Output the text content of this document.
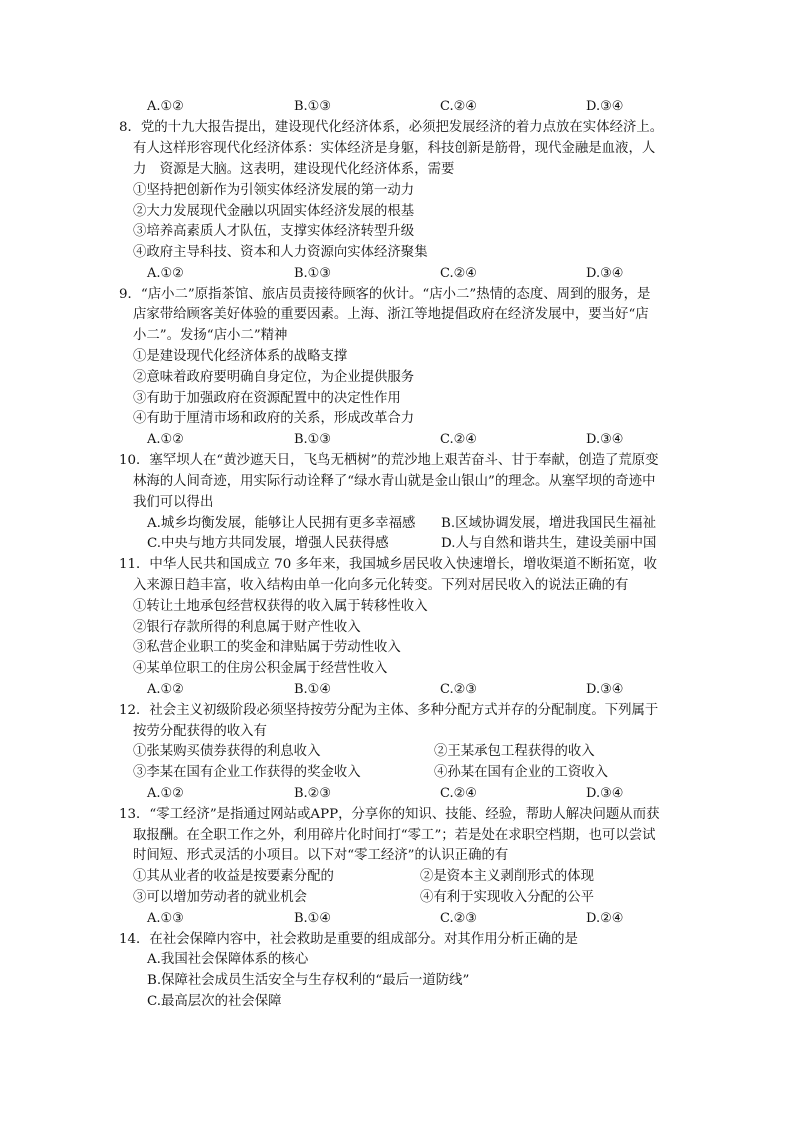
A.①②	B.①③	C.②④	D.③④
8．党的十九大报告提出，建设现代化经济体系，必须把发展经济的着力点放在实体经济上。
有人这样形容现代化经济体系：实体经济是身躯，科技创新是筋骨，现代金融是血液，人
力　资源是大脑。这表明，建设现代化经济体系，需要
①坚持把创新作为引领实体经济发展的第一动力
②大力发展现代金融以巩固实体经济发展的根基
③培养高素质人才队伍，支撑实体经济转型升级
④政府主导科技、资本和人力资源向实体经济聚集
A.①②	B.①③	C.②④	D.③④
9．“店小二”原指茶馆、旅店员责接待顾客的伙计。“店小二”热情的态度、周到的服务，是
店家带给顾客美好体验的重要因素。上海、浙江等地提倡政府在经济发展中，要当好“店
小二”。发扬“店小二”精神
①是建设现代化经济体系的战略支撑
②意味着政府要明确自身定位，为企业提供服务
③有助于加强政府在资源配置中的决定性作用
④有助于厘清市场和政府的关系，形成改革合力
A.①②	B.①③	C.②④	D.③④
10．塞罕坝人在“黄沙遮天日，飞鸟无栖树”的荒沙地上艰苦奋斗、甘于奉献，创造了荒原变
林海的人间奇迹，用实际行动诠释了“绿水青山就是金山银山”的理念。从塞罕坝的奇迹中
我们可以得出
A.城乡均衡发展，能够让人民拥有更多幸福感 B.区域协调发展，增进我国民生福祉
C.中央与地方共同发展，增强人民获得感	D.人与自然和谐共生，建设美丽中国
11．中华人民共和国成立 70 多年来，我国城乡居民收入快速增长，增收渠道不断拓宽，收
入来源日趋丰富，收入结构由单一化向多元化转变。下列对居民收入的说法正确的有
①转让土地承包经营权获得的收入属于转移性收入
②银行存款所得的利息属于财产性收入
③私营企业职工的奖金和津贴属于劳动性收入
④某单位职工的住房公积金属于经营性收入
A.①②	B.①④	C.②③	D.③④
12．社会主义初级阶段必须坚持按劳分配为主体、多种分配方式并存的分配制度。下列属于
按劳分配获得的收入有
①张某购买债券获得的利息收入	②王某承包工程获得的收入
③李某在国有企业工作获得的奖金收入	④孙某在国有企业的工资收入
A.①②	B.②③	C.②④	D.③④
13．“零工经济”是指通过网站或APP，分享你的知识、技能、经验，帮助人解决问题从而获
取报酬。在全职工作之外，利用碎片化时间打“零工”；若是处在求职空档期，也可以尝试
时间短、形式灵活的小项目。以下对“零工经济”的认识正确的有
①其从业者的收益是按要素分配的	②是资本主义剥削形式的体现
③可以增加劳动者的就业机会	④有利于实现收入分配的公平
A.①③	B.①④	C.②③	D.②④
14．在社会保障内容中，社会救助是重要的组成部分。对其作用分析正确的是
A.我国社会保障体系的核心
B.保障社会成员生活安全与生存权利的“最后一道防线”
C.最高层次的社会保障
